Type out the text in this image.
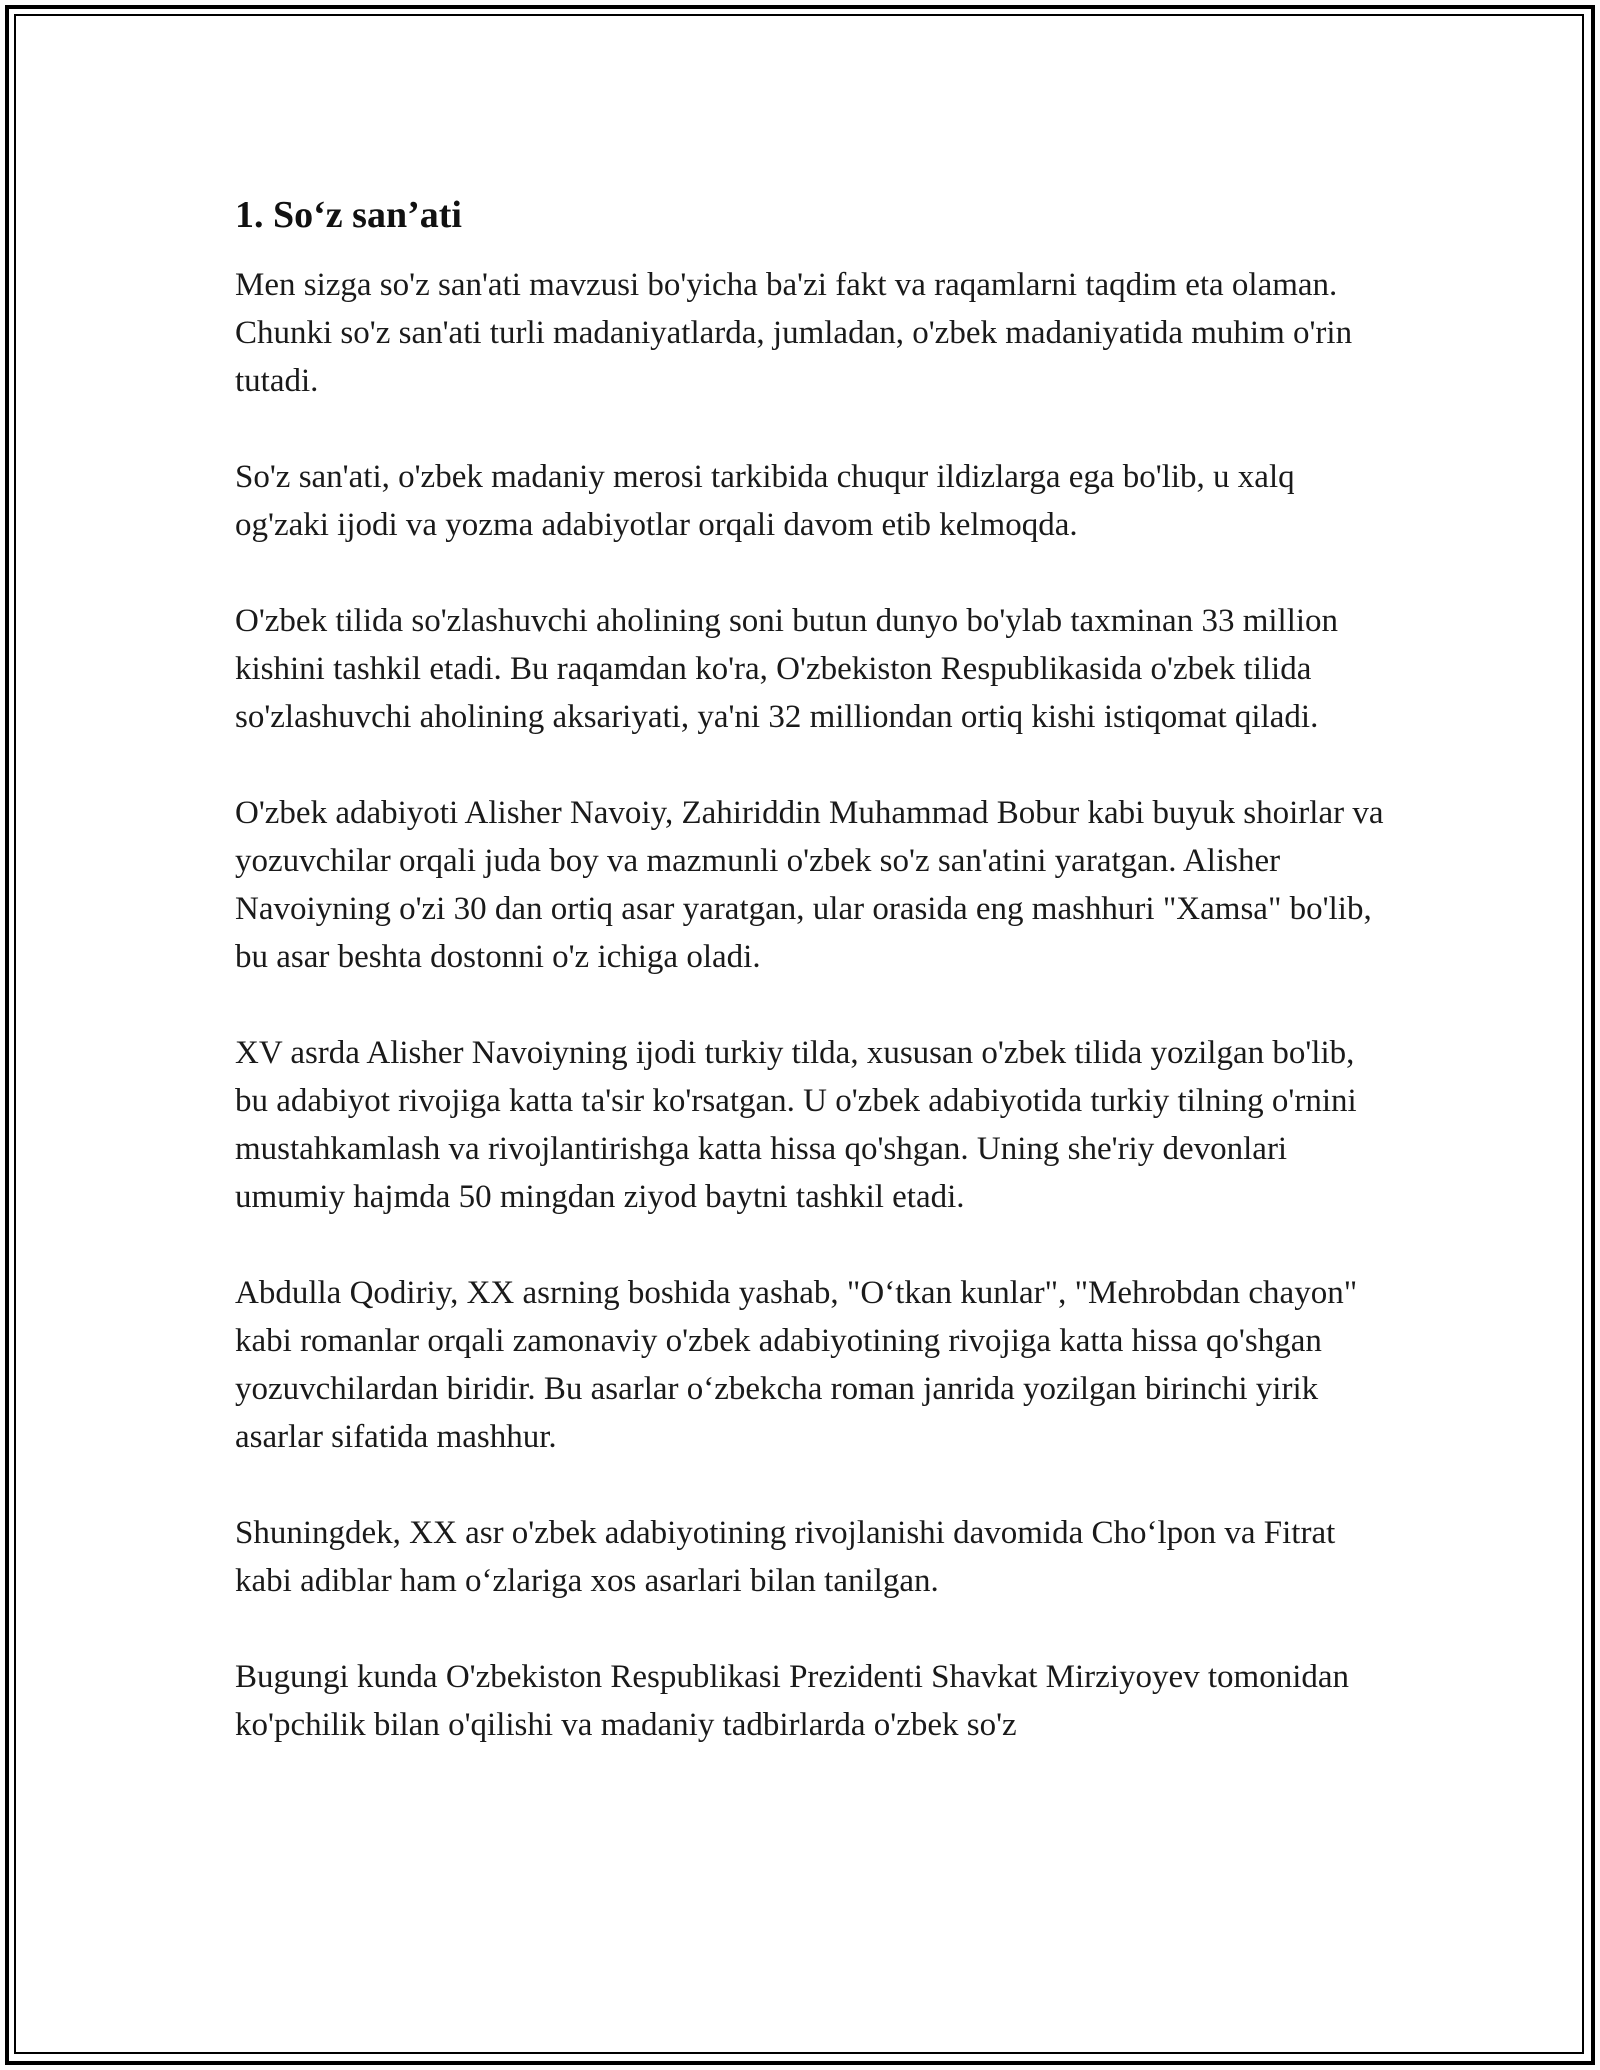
1. So‘z san’ati

Men sizga so'z san'ati mavzusi bo'yicha ba'zi fakt va raqamlarni taqdim eta olaman. Chunki so'z san'ati turli madaniyatlarda, jumladan, o'zbek madaniyatida muhim o'rin tutadi.

So'z san'ati, o'zbek madaniy merosi tarkibida chuqur ildizlarga ega bo'lib, u xalq og'zaki ijodi va yozma adabiyotlar orqali davom etib kelmoqda.

O'zbek tilida so'zlashuvchi aholining soni butun dunyo bo'ylab taxminan 33 million kishini tashkil etadi. Bu raqamdan ko'ra, O'zbekiston Respublikasida o'zbek tilida so'zlashuvchi aholining aksariyati, ya'ni 32 milliondan ortiq kishi istiqomat qiladi.

O'zbek adabiyoti Alisher Navoiy, Zahiriddin Muhammad Bobur kabi buyuk shoirlar va yozuvchilar orqali juda boy va mazmunli o'zbek so'z san'atini yaratgan. Alisher Navoiyning o'zi 30 dan ortiq asar yaratgan, ular orasida eng mashhuri "Xamsa" bo'lib, bu asar beshta dostonni o'z ichiga oladi.

XV asrda Alisher Navoiyning ijodi turkiy tilda, xususan o'zbek tilida yozilgan bo'lib, bu adabiyot rivojiga katta ta'sir ko'rsatgan. U o'zbek adabiyotida turkiy tilning o'rnini mustahkamlash va rivojlantirishga katta hissa qo'shgan. Uning she'riy devonlari umumiy hajmda 50 mingdan ziyod baytni tashkil etadi.

Abdulla Qodiriy, XX asrning boshida yashab, "O‘tkan kunlar", "Mehrobdan chayon" kabi romanlar orqali zamonaviy o'zbek adabiyotining rivojiga katta hissa qo'shgan yozuvchilardan biridir. Bu asarlar o‘zbekcha roman janrida yozilgan birinchi yirik asarlar sifatida mashhur.

Shuningdek, XX asr o'zbek adabiyotining rivojlanishi davomida Cho‘lpon va Fitrat kabi adiblar ham o‘zlariga xos asarlari bilan tanilgan.

Bugungi kunda O'zbekiston Respublikasi Prezidenti Shavkat Mirziyoyev tomonidan ko'pchilik bilan o'qilishi va madaniy tadbirlarda o'zbek so'z
